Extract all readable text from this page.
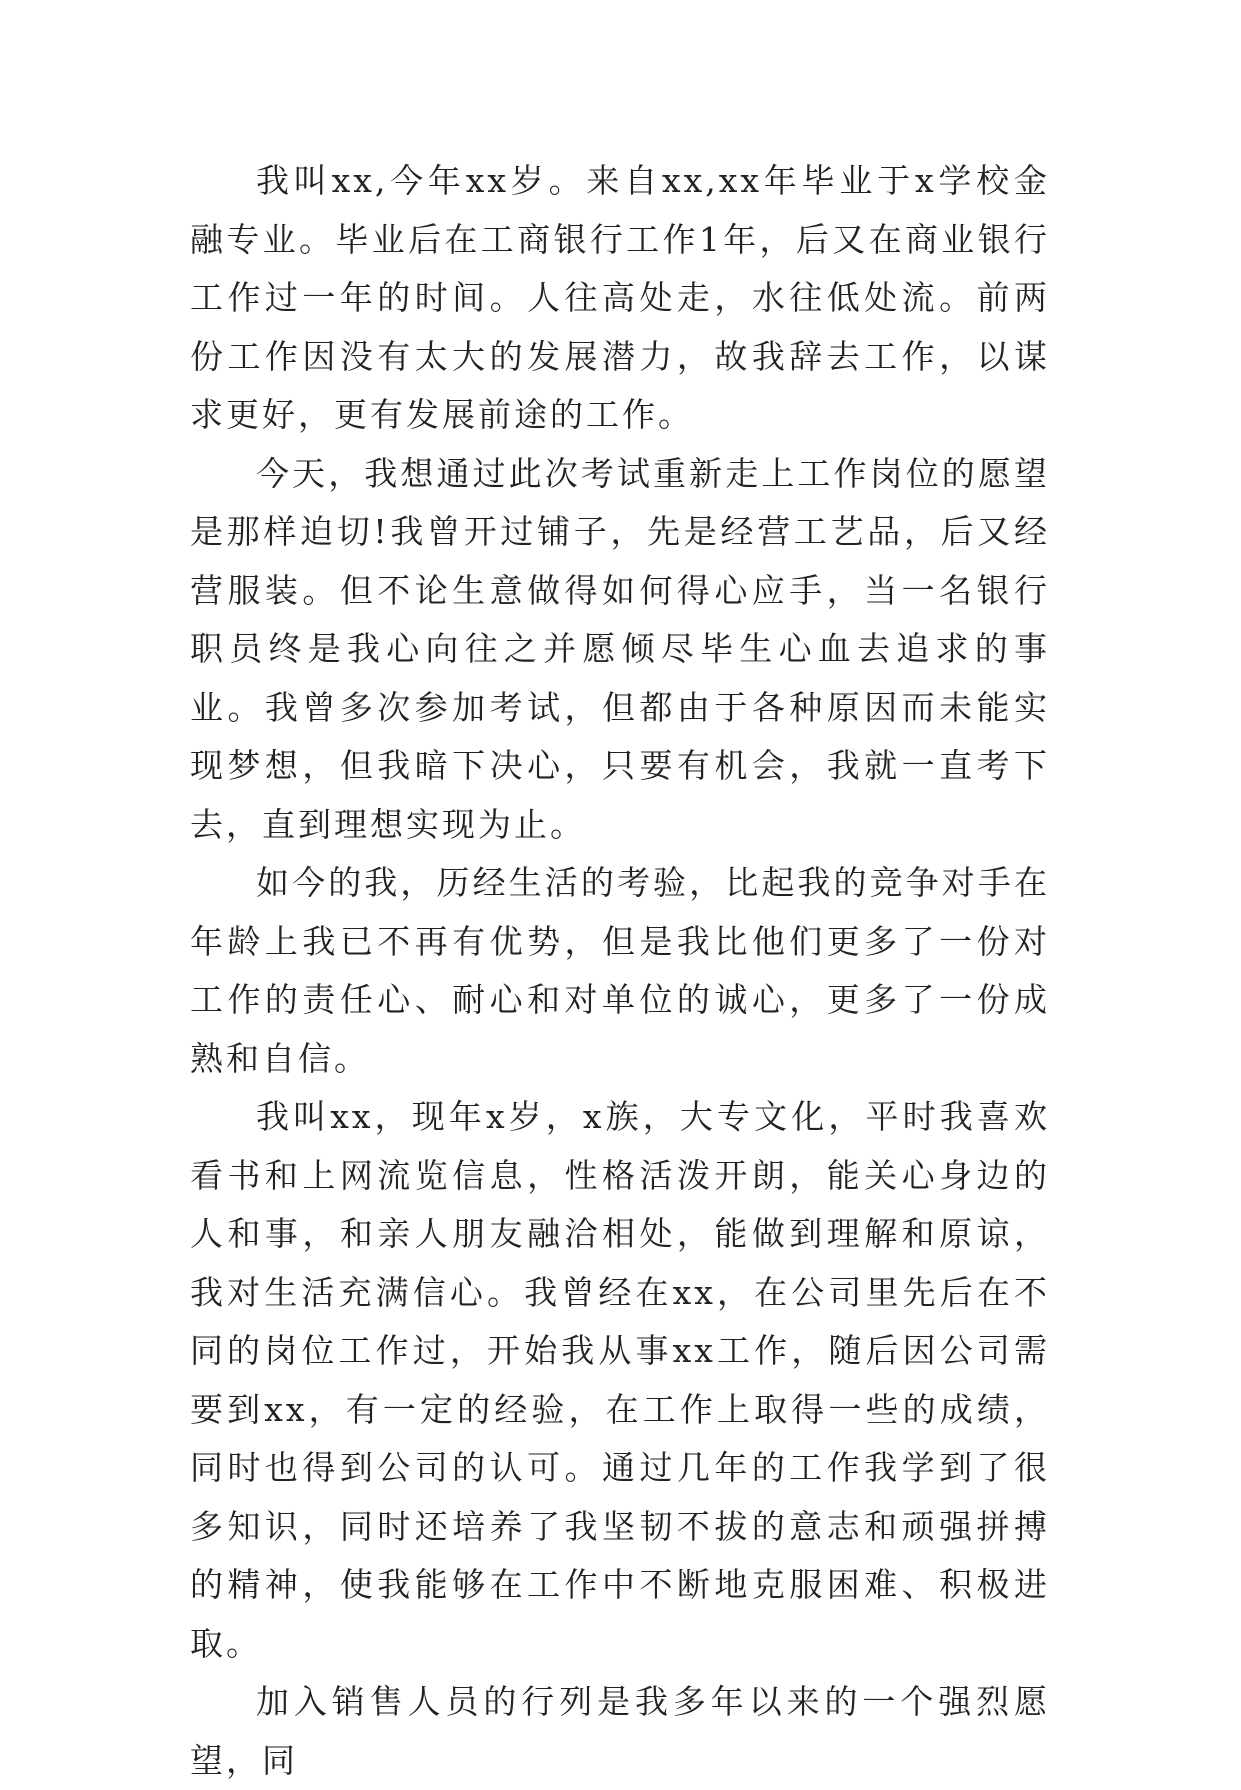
我叫xx,今年xx岁。来自xx,xx年毕业于x学校金融专业。毕业后在工商银行工作1年，后又在商业银行工作过一年的时间。人往高处走，水往低处流。前两份工作因没有太大的发展潜力，故我辞去工作，以谋求更好，更有发展前途的工作。

今天，我想通过此次考试重新走上工作岗位的愿望是那样迫切!我曾开过铺子，先是经营工艺品，后又经营服装。但不论生意做得如何得心应手，当一名银行职员终是我心向往之并愿倾尽毕生心血去追求的事业。我曾多次参加考试，但都由于各种原因而未能实现梦想，但我暗下决心，只要有机会，我就一直考下去，直到理想实现为止。

如今的我，历经生活的考验，比起我的竞争对手在年龄上我已不再有优势，但是我比他们更多了一份对工作的责任心、耐心和对单位的诚心，更多了一份成熟和自信。

我叫xx，现年x岁，x族，大专文化，平时我喜欢看书和上网流览信息，性格活泼开朗，能关心身边的人和事，和亲人朋友融洽相处，能做到理解和原谅，我对生活充满信心。我曾经在xx，在公司里先后在不同的岗位工作过，开始我从事xx工作，随后因公司需要到xx，有一定的经验，在工作上取得一些的成绩，同时也得到公司的认可。通过几年的工作我学到了很多知识，同时还培养了我坚韧不拔的意志和顽强拼搏的精神，使我能够在工作中不断地克服困难、积极进取。

加入销售人员的行列是我多年以来的一个强烈愿望，同
